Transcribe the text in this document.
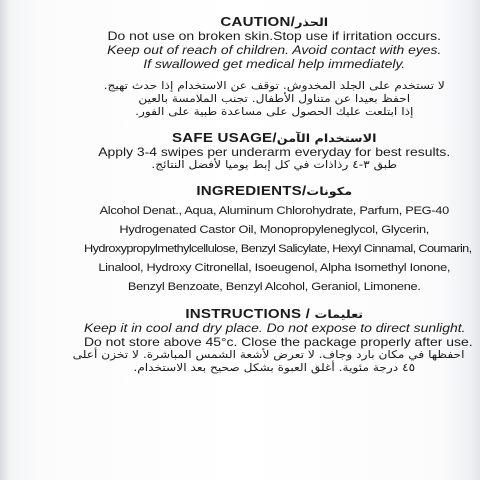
CAUTION/الحذر
Do not use on broken skin.Stop use if irritation occurs.
Keep out of reach of children. Avoid contact with eyes.
If swallowed get medical help immediately.
لا تستخدم على الجلد المخدوش. توقف عن الاستخدام إذا حدث تهيج.
احفظ بعيدا عن متناول الأطفال. تجنب الملامسة بالعين
إذا ابتلعت عليك الحصول على مساعدة طبية على الفور.
SAFE USAGE/الاستخدام الآمن
Apply 3-4 swipes per underarm everyday for best results.
طبق ٣-٤ رذاذات في كل إبط يوميا لأفضل النتائج.
INGREDIENTS/مكونات
Alcohol Denat., Aqua, Aluminum Chlorohydrate, Parfum, PEG-40
Hydrogenated Castor Oil, Monopropyleneglycol, Glycerin,
Hydroxypropylmethylcellulose, Benzyl Salicylate, Hexyl Cinnamal, Coumarin,
Linalool, Hydroxy Citronellal, Isoeugenol, Alpha Isomethyl Ionone,
Benzyl Benzoate, Benzyl Alcohol, Geraniol, Limonene.
INSTRUCTIONS / تعليمات
Keep it in cool and dry place. Do not expose to direct sunlight.
Do not store above 45°c. Close the package properly after use.
احفظها في مكان بارد وجاف. لا تعرض لأشعة الشمس المباشرة. لا تخزن أعلى
٤٥ درجة مئوية. أغلق العبوة بشكل صحيح بعد الاستخدام.
